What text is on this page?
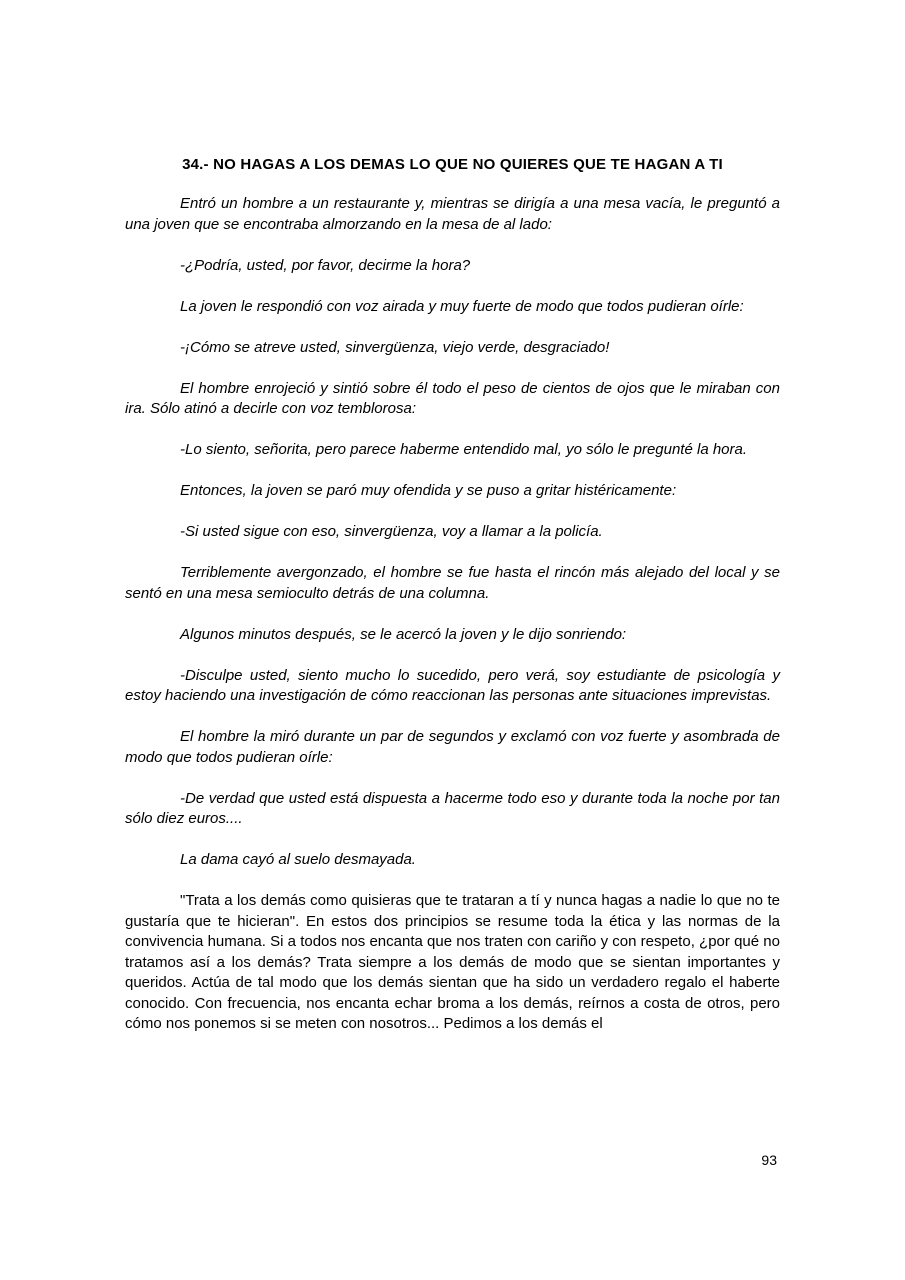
34.- NO HAGAS A LOS DEMAS LO QUE NO QUIERES QUE TE HAGAN A TI

Entró un hombre a un restaurante y, mientras se dirigía a una mesa vacía, le preguntó a una joven que se encontraba almorzando en la mesa de al lado:

-¿Podría, usted, por favor, decirme la hora?

La joven le respondió con voz airada y muy fuerte de modo que todos pudieran oírle:

-¡Cómo se atreve usted, sinvergüenza, viejo verde, desgraciado!

El hombre enrojeció y sintió sobre él todo el peso de cientos de ojos que le miraban con ira. Sólo atinó a decirle con voz temblorosa:

-Lo siento, señorita, pero parece haberme entendido mal, yo sólo le pregunté la hora.

Entonces, la joven se paró muy ofendida y se puso a gritar histéricamente:

-Si usted sigue con eso, sinvergüenza, voy a llamar a la policía.

Terriblemente avergonzado, el hombre se fue hasta el rincón más alejado del local y se sentó en una mesa semioculto detrás de una columna.

Algunos minutos después, se le acercó la joven y le dijo sonriendo:

-Disculpe usted, siento mucho lo sucedido, pero verá, soy estudiante de psicología y estoy haciendo una investigación de cómo reaccionan las personas ante situaciones imprevistas.

El hombre la miró durante un par de segundos y exclamó con voz fuerte y asombrada de modo que todos pudieran oírle:

-De verdad que usted está dispuesta a hacerme todo eso y durante toda la noche por tan sólo diez euros....

La dama cayó al suelo desmayada.

"Trata a los demás como quisieras que te trataran a tí y nunca hagas a nadie lo que no te gustaría que te hicieran". En estos dos principios se resume toda la ética y las normas de la convivencia humana. Si a todos nos encanta que nos traten con cariño y con respeto, ¿por qué no tratamos así a los demás? Trata siempre a los demás de modo que se sientan importantes y queridos. Actúa de tal modo que los demás sientan que ha sido un verdadero regalo el haberte conocido. Con frecuencia, nos encanta echar broma a los demás, reírnos a costa de otros, pero cómo nos ponemos si se meten con nosotros... Pedimos a los demás el

93
